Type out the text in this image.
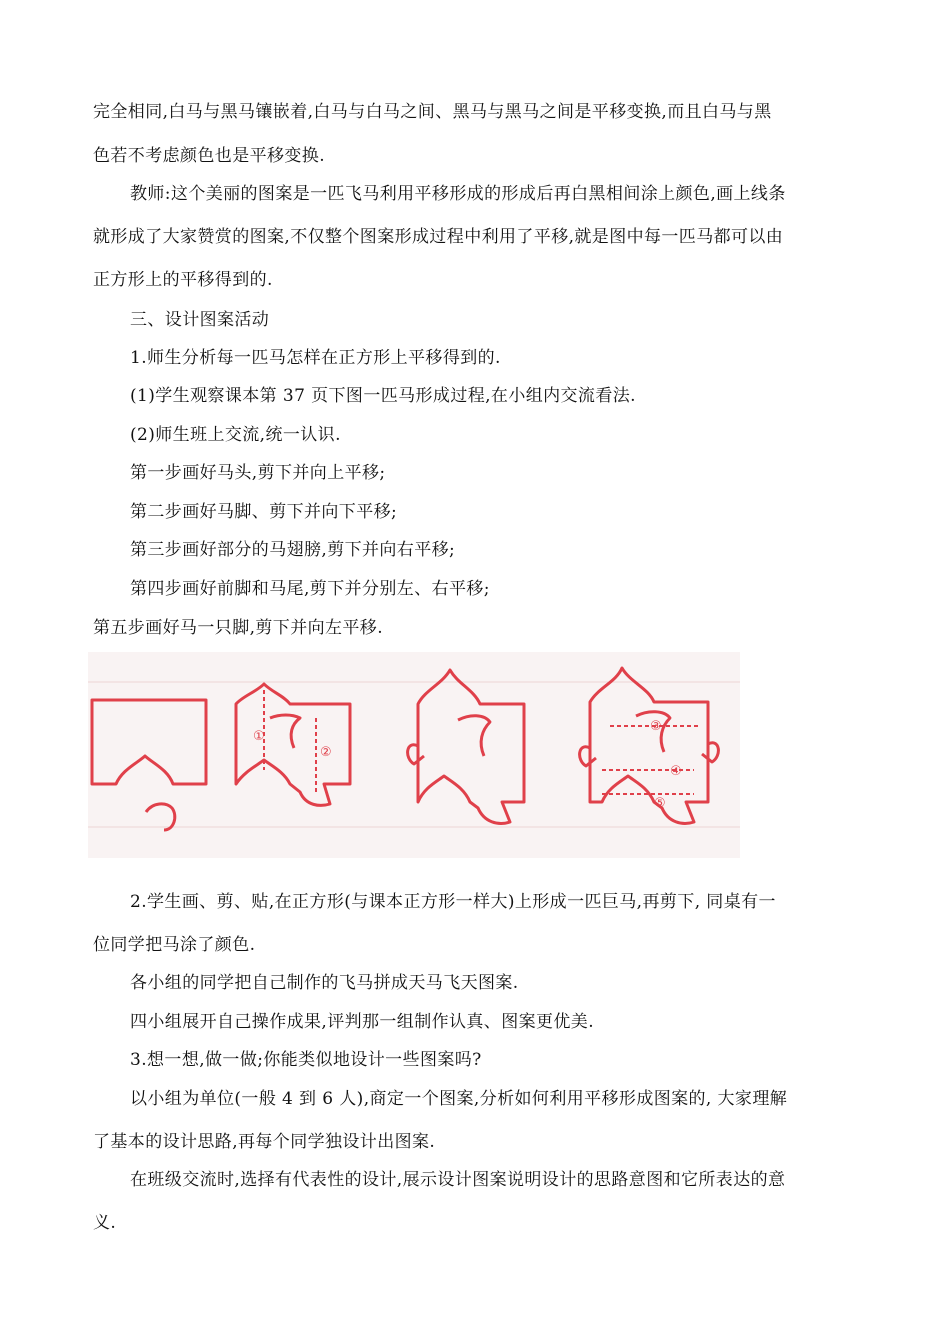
完全相同,白马与黑马镶嵌着,白马与白马之间、黑马与黑马之间是平移变换,而且白马与黑
色若不考虑颜色也是平移变换.
教师:这个美丽的图案是一匹飞马利用平移形成的形成后再白黑相间涂上颜色,画上线条
就形成了大家赞赏的图案,不仅整个图案形成过程中利用了平移,就是图中每一匹马都可以由
正方形上的平移得到的.
三、设计图案活动
1.师生分析每一匹马怎样在正方形上平移得到的.
(1)学生观察课本第 37 页下图一匹马形成过程,在小组内交流看法.
(2)师生班上交流,统一认识.
第一步画好马头,剪下并向上平移;
第二步画好马脚、剪下并向下平移;
第三步画好部分的马翅膀,剪下并向右平移;
第四步画好前脚和马尾,剪下并分别左、右平移;
第五步画好马一只脚,剪下并向左平移.
①
②
③
④
⑤
2.学生画、剪、贴,在正方形(与课本正方形一样大)上形成一匹巨马,再剪下, 同桌有一
位同学把马涂了颜色.
各小组的同学把自己制作的飞马拼成天马飞天图案.
四小组展开自己操作成果,评判那一组制作认真、图案更优美.
3.想一想,做一做;你能类似地设计一些图案吗?
以小组为单位(一般 4 到 6 人),商定一个图案,分析如何利用平移形成图案的, 大家理解
了基本的设计思路,再每个同学独设计出图案.
在班级交流时,选择有代表性的设计,展示设计图案说明设计的思路意图和它所表达的意
义.
